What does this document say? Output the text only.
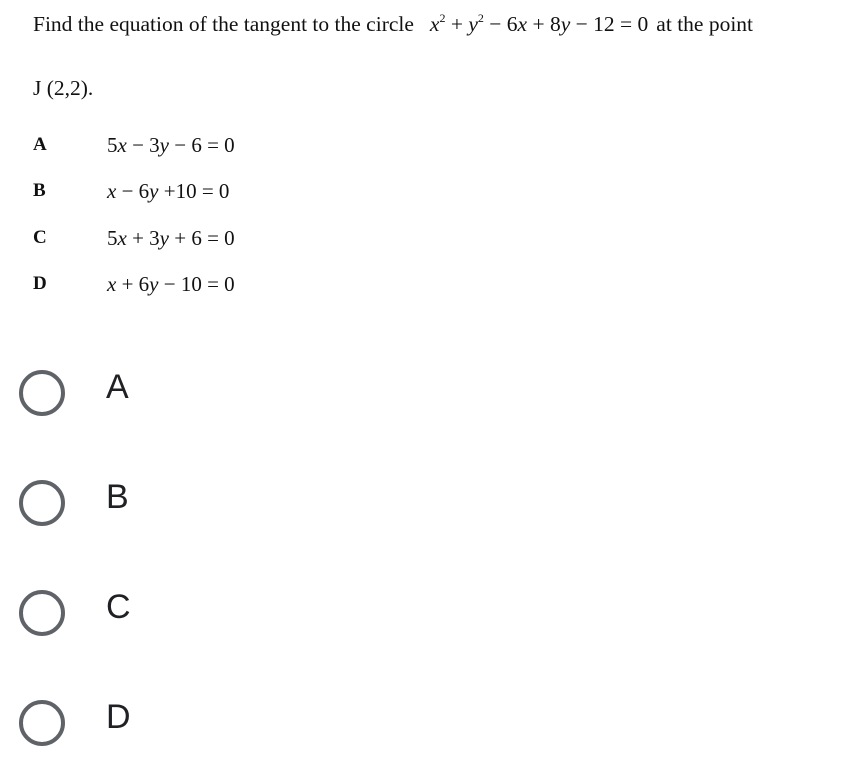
Find the equation of the tangent to the circle $x^2 + y^2 - 6x + 8y - 12 = 0$ at the point
J (2,2).
A	5x − 3y − 6 = 0
B	x − 6y +10 = 0
C	5x + 3y + 6 = 0
D	x + 6y − 10 = 0
A
B
C
D
